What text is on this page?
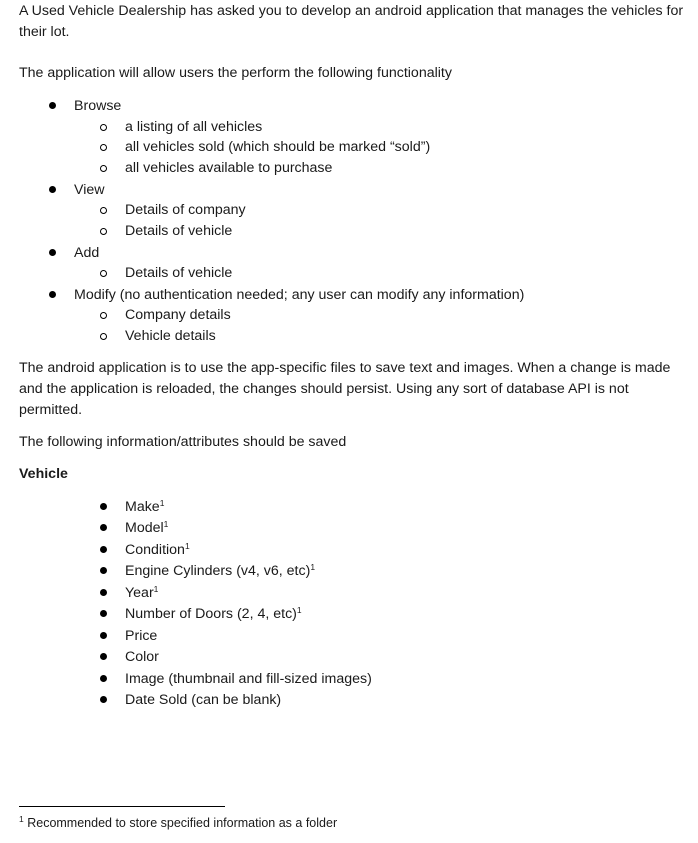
A Used Vehicle Dealership has asked you to develop an android application that manages the vehicles for their lot.
The application will allow users the perform the following functionality
Browse
a listing of all vehicles
all vehicles sold (which should be marked “sold”)
all vehicles available to purchase
View
Details of company
Details of vehicle
Add
Details of vehicle
Modify (no authentication needed; any user can modify any information)
Company details
Vehicle details
The android application is to use the app-specific files to save text and images. When a change is made and the application is reloaded, the changes should persist. Using any sort of database API is not permitted.
The following information/attributes should be saved
Vehicle
Make$^1$
Model$^1$
Condition$^1$
Engine Cylinders (v4, v6, etc)$^1$
Year$^1$
Number of Doors (2, 4, etc)$^1$
Price
Color
Image (thumbnail and fill-sized images)
Date Sold (can be blank)
$^1$ Recommended to store specified information as a folder
